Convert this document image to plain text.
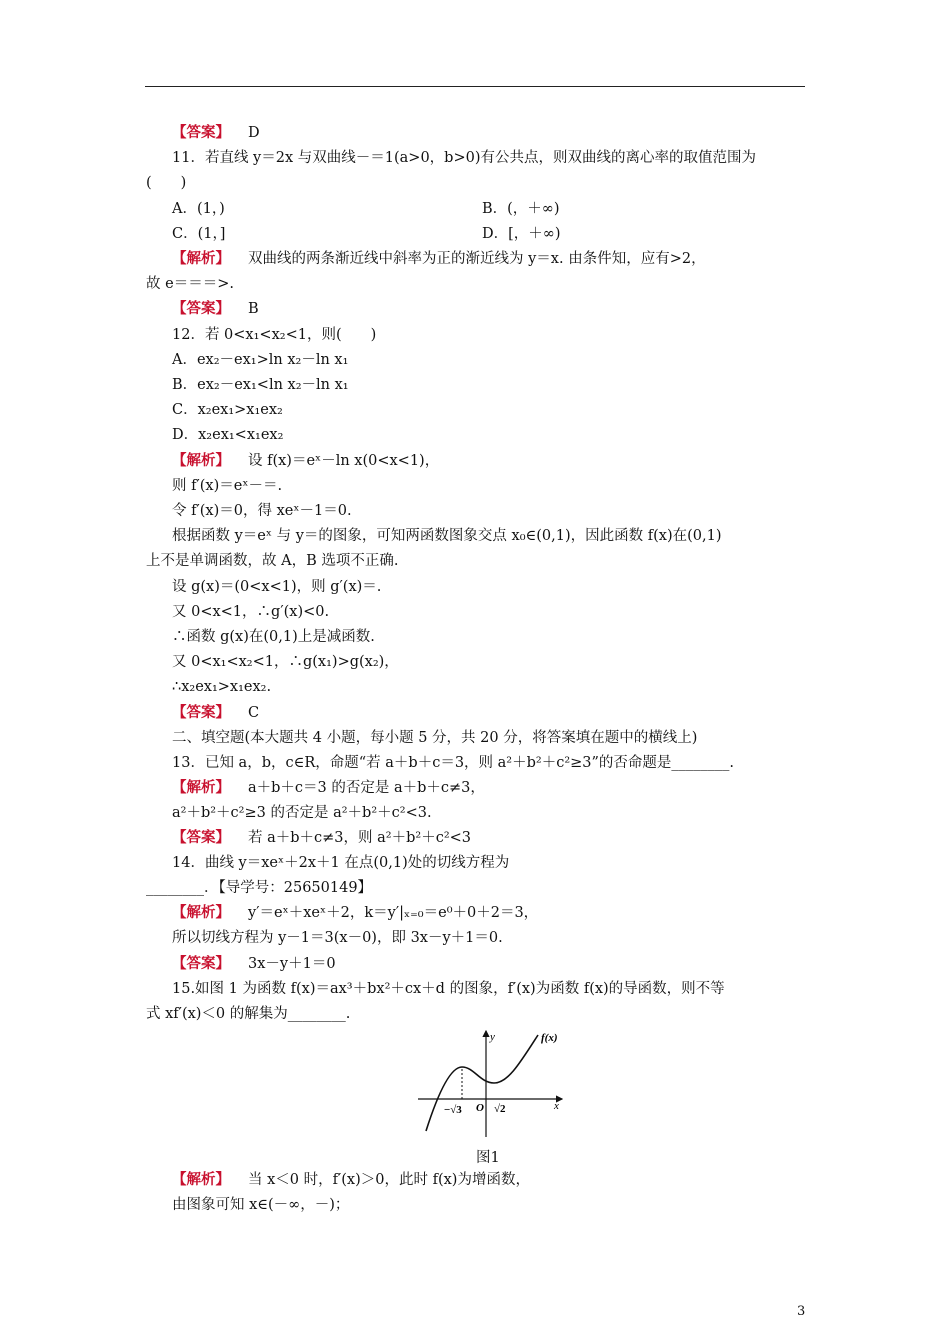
【答案】 D
11．若直线 y＝2x 与双曲线－＝1(a>0，b>0)有公共点，则双曲线的离心率的取值范围为
(　　)
A．(1，)	B．(，＋∞)
C．(1，]	D．[，＋∞)
【解析】 双曲线的两条渐近线中斜率为正的渐近线为 y＝x. 由条件知，应有>2，
故 e＝＝＝>.
【答案】 B
12．若 0<x₁<x₂<1，则(　　)
A．ex₂－ex₁>ln x₂－ln x₁
B．ex₂－ex₁<ln x₂－ln x₁
C．x₂ex₁>x₁ex₂
D．x₂ex₁<x₁ex₂
【解析】 设 f(x)＝eˣ－ln x(0<x<1)，
则 f′(x)＝eˣ－＝.
令 f′(x)＝0，得 xeˣ－1＝0.
根据函数 y＝eˣ 与 y＝的图象，可知两函数图象交点 x₀∈(0,1)，因此函数 f(x)在(0,1)
上不是单调函数，故 A，B 选项不正确.
设 g(x)＝(0<x<1)，则 g′(x)＝.
又 0<x<1，∴g′(x)<0.
∴函数 g(x)在(0,1)上是减函数.
又 0<x₁<x₂<1，∴g(x₁)>g(x₂)，
∴x₂ex₁>x₁ex₂.
【答案】 C
二、填空题(本大题共 4 小题，每小题 5 分，共 20 分，将答案填在题中的横线上)
13．已知 a，b，c∈R，命题“若 a＋b＋c＝3，则 a²＋b²＋c²≥3”的否命题是________.
【解析】 a＋b＋c＝3 的否定是 a＋b＋c≠3，
a²＋b²＋c²≥3 的否定是 a²＋b²＋c²<3.
【答案】 若 a＋b＋c≠3，则 a²＋b²＋c²<3
14．曲线 y＝xeˣ＋2x＋1 在点(0,1)处的切线方程为
________．【导学号：25650149】
【解析】 y′＝eˣ＋xeˣ＋2，k＝y′|ₓ₌₀＝e⁰＋0＋2＝3，
所以切线方程为 y－1＝3(x－0)，即 3x－y＋1＝0.
【答案】 3x－y＋1＝0
15.如图 1 为函数 f(x)＝ax³＋bx²＋cx＋d 的图象，f′(x)为函数 f(x)的导函数，则不等
式 xf′(x)＜0 的解集为________.
【解析】 当 x＜0 时，f′(x)＞0，此时 f(x)为增函数，
由图象可知 x∈(－∞，－)；
y
x
f(x)
O
−√3	√2
图1
3
